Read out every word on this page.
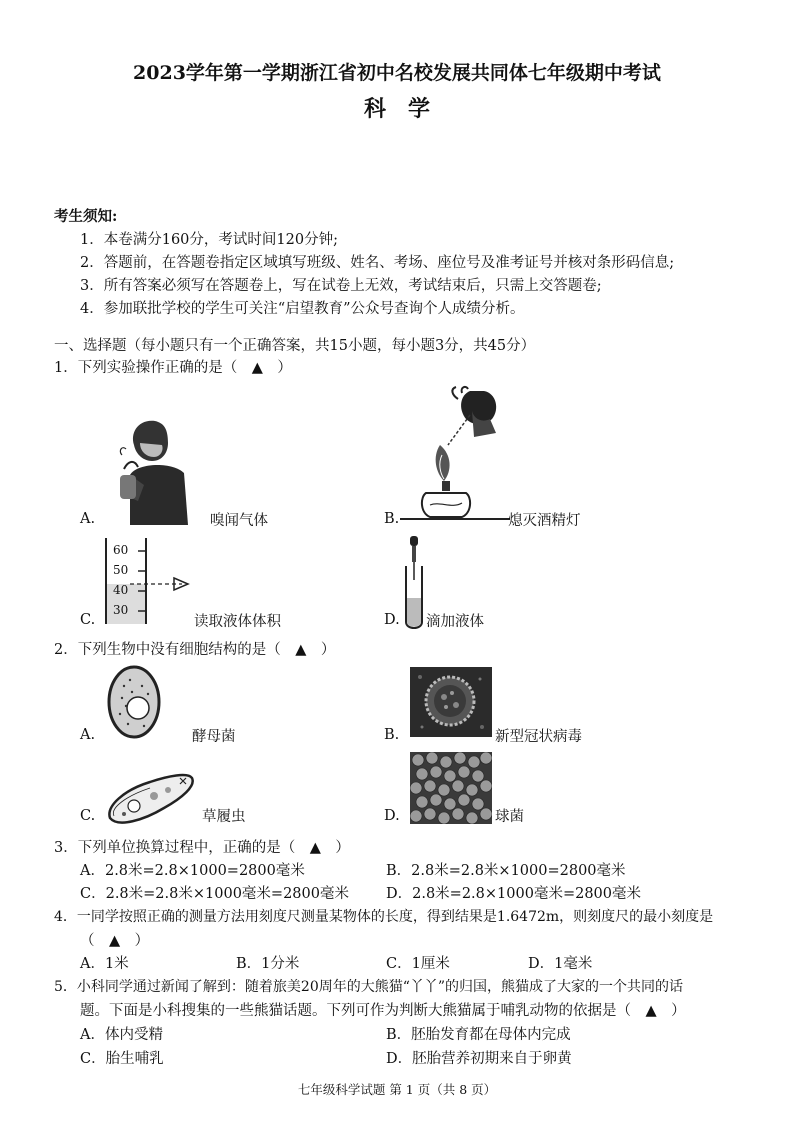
2023学年第一学期浙江省初中名校发展共同体七年级期中考试
科学
考生须知:
1．本卷满分160分，考试时间120分钟;
2．答题前，在答题卷指定区域填写班级、姓名、考场、座位号及准考证号并核对条形码信息;
3．所有答案必须写在答题卷上，写在试卷上无效，考试结束后，只需上交答题卷;
4．参加联批学校的学生可关注“启望教育”公众号查询个人成绩分析。
一、选择题（每小题只有一个正确答案，共15小题，每小题3分，共45分）
1．下列实验操作正确的是（　▲　）
A.	嗅闻气体	B.	熄灭酒精灯
60
50
40
30
C.	读取液体体积	D. 滴加液体
2．下列生物中没有细胞结构的是（　▲　）
A.	酵母菌	B.	新型冠状病毒
C.	草履虫	D.	球菌
3．下列单位换算过程中，正确的是（　▲　）
A．2.8米=2.8×1000=2800毫米	B．2.8米=2.8米×1000=2800毫米
C．2.8米=2.8米×1000毫米=2800毫米	D．2.8米=2.8×1000毫米=2800毫米
4．一同学按照正确的测量方法用刻度尺测量某物体的长度，得到结果是1.6472m，则刻度尺的最小刻度是
（　▲　）
A．1米	B．1分米	C．1厘米	D．1毫米
5．小科同学通过新闻了解到：随着旅美20周年的大熊猫“丫丫”的归国，熊猫成了大家的一个共同的话
题。下面是小科搜集的一些熊猫话题。下列可作为判断大熊猫属于哺乳动物的依据是（　▲　）
A．体内受精	B．胚胎发育都在母体内完成
C．胎生哺乳	D．胚胎营养初期来自于卵黄
七年级科学试题 第 1 页（共 8 页）
